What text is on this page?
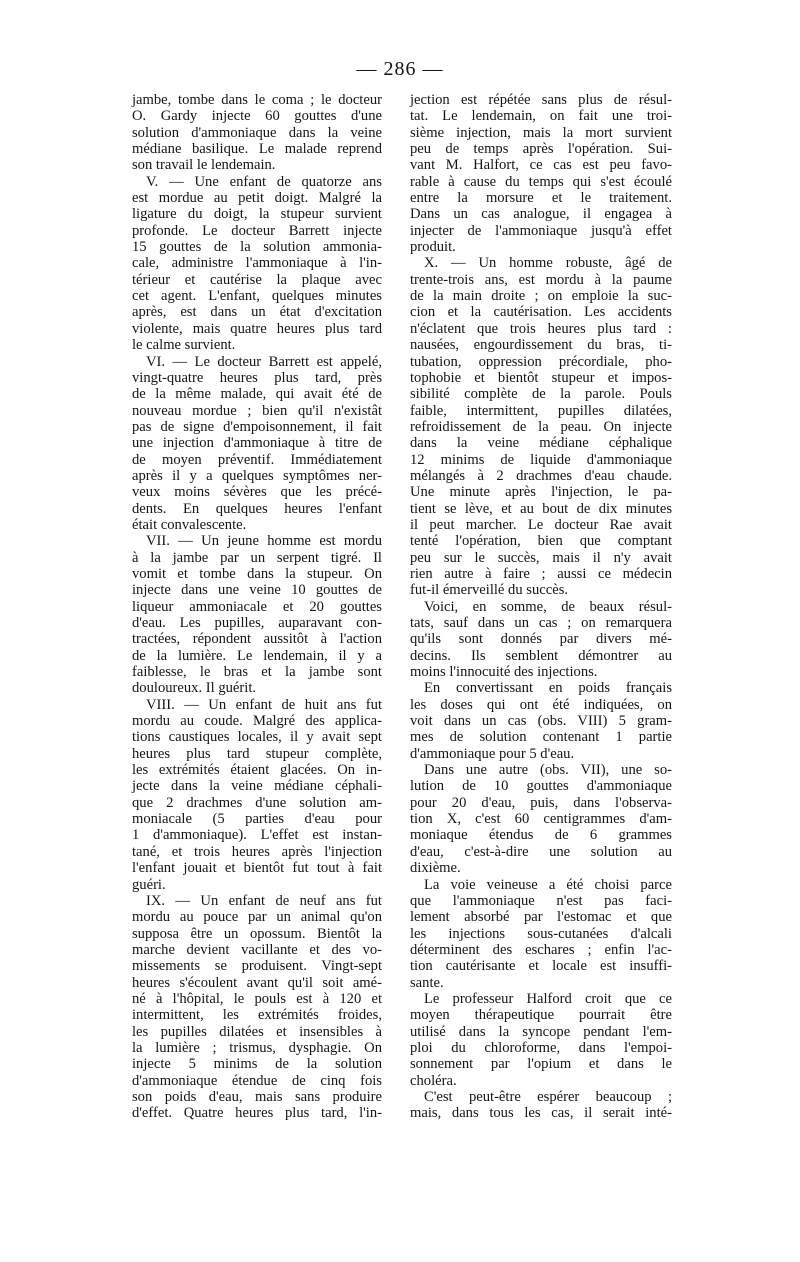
— 286 —
jambe, tombe dans le coma ; le docteur
O. Gardy injecte 60 gouttes d'une
solution d'ammoniaque dans la veine
médiane basilique. Le malade reprend
son travail le lendemain.
V. — Une enfant de quatorze ans
est mordue au petit doigt. Malgré la
ligature du doigt, la stupeur survient
profonde. Le docteur Barrett injecte
15 gouttes de la solution ammonia-
cale, administre l'ammoniaque à l'in-
térieur et cautérise la plaque avec
cet agent. L'enfant, quelques minutes
après, est dans un état d'excitation
violente, mais quatre heures plus tard
le calme survient.
VI. — Le docteur Barrett est appelé,
vingt-quatre heures plus tard, près
de la même malade, qui avait été de
nouveau mordue ; bien qu'il n'existât
pas de signe d'empoisonnement, il fait
une injection d'ammoniaque à titre de
de moyen préventif. Immédiatement
après il y a quelques symptômes ner-
veux moins sévères que les précé-
dents. En quelques heures l'enfant
était convalescente.
VII. — Un jeune homme est mordu
à la jambe par un serpent tigré. Il
vomit et tombe dans la stupeur. On
injecte dans une veine 10 gouttes de
liqueur ammoniacale et 20 gouttes
d'eau. Les pupilles, auparavant con-
tractées, répondent aussitôt à l'action
de la lumière. Le lendemain, il y a
faiblesse, le bras et la jambe sont
douloureux. Il guérit.
VIII. — Un enfant de huit ans fut
mordu au coude. Malgré des applica-
tions caustiques locales, il y avait sept
heures plus tard stupeur complète,
les extrémités étaient glacées. On in-
jecte dans la veine médiane céphali-
que 2 drachmes d'une solution am-
moniacale (5 parties d'eau pour
1 d'ammoniaque). L'effet est instan-
tané, et trois heures après l'injection
l'enfant jouait et bientôt fut tout à fait
guéri.
IX. — Un enfant de neuf ans fut
mordu au pouce par un animal qu'on
supposa être un opossum. Bientôt la
marche devient vacillante et des vo-
missements se produisent. Vingt-sept
heures s'écoulent avant qu'il soit amé-
né à l'hôpital, le pouls est à 120 et
intermittent, les extrémités froides,
les pupilles dilatées et insensibles à
la lumière ; trismus, dysphagie. On
injecte 5 minims de la solution
d'ammoniaque étendue de cinq fois
son poids d'eau, mais sans produire
d'effet. Quatre heures plus tard, l'in-
jection est répétée sans plus de résul-
tat. Le lendemain, on fait une troi-
sième injection, mais la mort survient
peu de temps après l'opération. Sui-
vant M. Halfort, ce cas est peu favo-
rable à cause du temps qui s'est écoulé
entre la morsure et le traitement.
Dans un cas analogue, il engagea à
injecter de l'ammoniaque jusqu'à effet
produit.
X. — Un homme robuste, âgé de
trente-trois ans, est mordu à la paume
de la main droite ; on emploie la suc-
cion et la cautérisation. Les accidents
n'éclatent que trois heures plus tard :
nausées, engourdissement du bras, ti-
tubation, oppression précordiale, pho-
tophobie et bientôt stupeur et impos-
sibilité complète de la parole. Pouls
faible, intermittent, pupilles dilatées,
refroidissement de la peau. On injecte
dans la veine médiane céphalique
12 minims de liquide d'ammoniaque
mélangés à 2 drachmes d'eau chaude.
Une minute après l'injection, le pa-
tient se lève, et au bout de dix minutes
il peut marcher. Le docteur Rae avait
tenté l'opération, bien que comptant
peu sur le succès, mais il n'y avait
rien autre à faire ; aussi ce médecin
fut-il émerveillé du succès.
Voici, en somme, de beaux résul-
tats, sauf dans un cas ; on remarquera
qu'ils sont donnés par divers mé-
decins. Ils semblent démontrer au
moins l'innocuité des injections.
En convertissant en poids français
les doses qui ont été indiquées, on
voit dans un cas (obs. VIII) 5 gram-
mes de solution contenant 1 partie
d'ammoniaque pour 5 d'eau.
Dans une autre (obs. VII), une so-
lution de 10 gouttes d'ammoniaque
pour 20 d'eau, puis, dans l'observa-
tion X, c'est 60 centigrammes d'am-
moniaque étendus de 6 grammes
d'eau, c'est-à-dire une solution au
dixième.
La voie veineuse a été choisi parce
que l'ammoniaque n'est pas faci-
lement absorbé par l'estomac et que
les injections sous-cutanées d'alcali
déterminent des eschares ; enfin l'ac-
tion cautérisante et locale est insuffi-
sante.
Le professeur Halford croit que ce
moyen thérapeutique pourrait être
utilisé dans la syncope pendant l'em-
ploi du chloroforme, dans l'empoi-
sonnement par l'opium et dans le
choléra.
C'est peut-être espérer beaucoup ;
mais, dans tous les cas, il serait inté-
